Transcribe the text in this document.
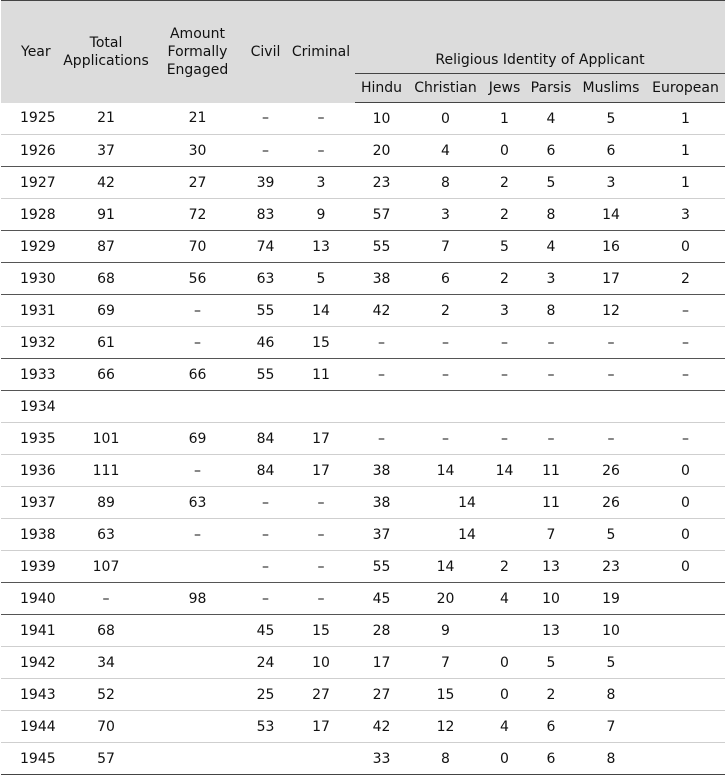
Year	Total Applications	Amount Formally Engaged	Civil	Criminal	Religious Identity of Applicant					
					Hindu	Christian	Jews	Parsis	Muslims	European
1925	21	21	–	–	10	0	1	4	5	1
1926	37	30	–	–	20	4	0	6	6	1
1927	42	27	39	3	23	8	2	5	3	1
1928	91	72	83	9	57	3	2	8	14	3
1929	87	70	74	13	55	7	5	4	16	0
1930	68	56	63	5	38	6	2	3	17	2
1931	69	–	55	14	42	2	3	8	12	–
1932	61	–	46	15	–	–	–	–	–	–
1933	66	66	55	11	–	–	–	–	–	–
1934										
1935	101	69	84	17	–	–	–	–	–	–
1936	111	–	84	17	38	14	14	11	26	0
1937	89	63	–	–	38	14		11	26	0
1938	63	–	–	–	37	14		7	5	0
1939	107		–	–	55	14	2	13	23	0
1940	–	98	–	–	45	20	4	10	19	
1941	68		45	15	28	9		13	10	
1942	34		24	10	17	7	0	5	5	
1943	52		25	27	27	15	0	2	8	
1944	70		53	17	42	12	4	6	7	
1945	57				33	8	0	6	8	
